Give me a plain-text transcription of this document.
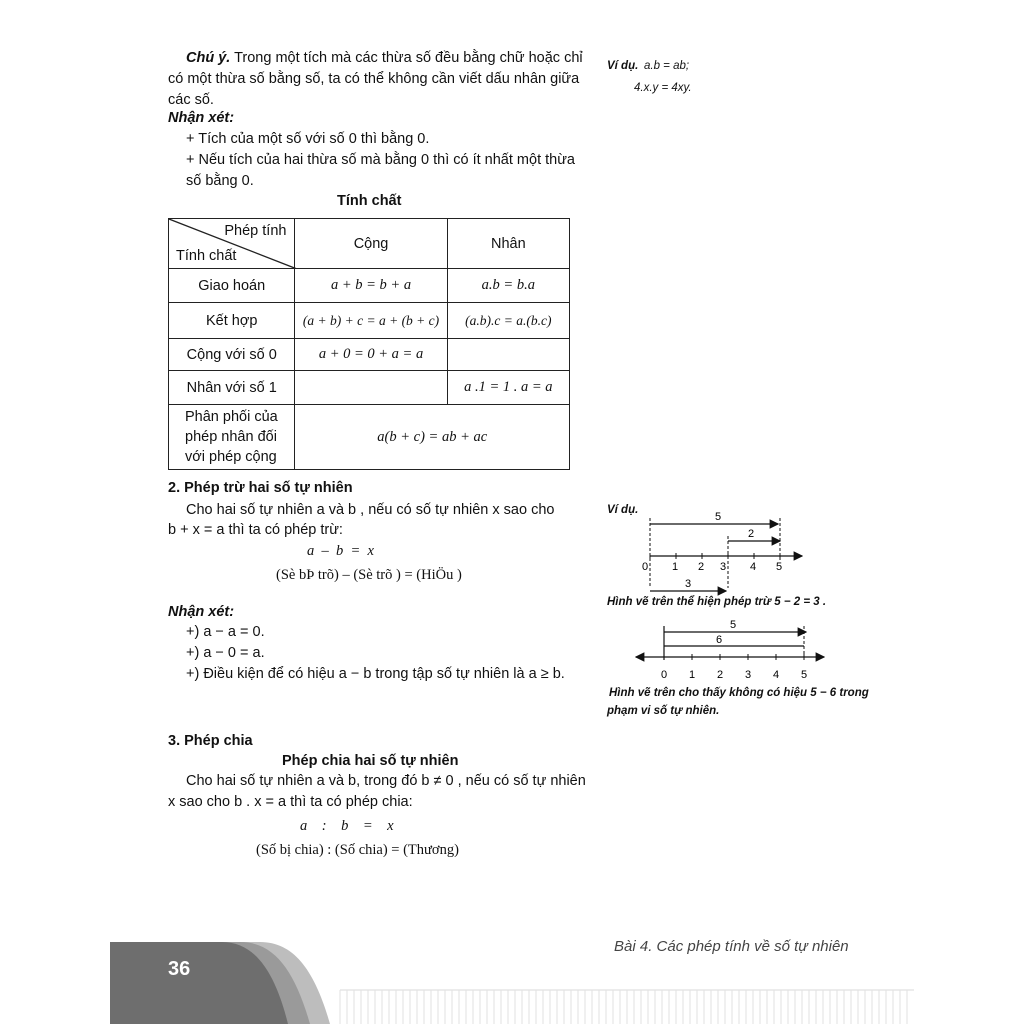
Chú ý. Trong một tích mà các thừa số đều bằng chữ hoặc chỉ
có một thừa số bằng số, ta có thể không cần viết dấu nhân giữa
các số.
Nhận xét:
+ Tích của một số với số 0 thì bằng 0.
+ Nếu tích của hai thừa số mà bằng 0 thì có ít nhất một thừa
số bằng 0.
Tính chất
Phép tính
Tính chất	Cộng	Nhân
Giao hoán	a + b = b + a	a.b = b.a
Kết hợp	(a + b) + c = a + (b + c)	(a.b).c = a.(b.c)
Cộng với số 0	a + 0 = 0 + a = a	
Nhân với số 1		a .1 = 1 . a = a

Phân phối của
phép nhân đối
với phép cộng	a(b + c) = ab + ac	
2. Phép trừ hai số tự nhiên
Cho hai số tự nhiên a và b , nếu có số tự nhiên x sao cho
b + x = a thì ta có phép trừ:
a  –  b  =  x
(Sè bÞ trõ) – (Sè trõ ) = (HiÖu )
Nhận xét:
+) a − a = 0.
+) a − 0 = a.
+) Điều kiện để có hiệu a − b trong tập số tự nhiên là a ≥ b.
3. Phép chia
Phép chia hai số tự nhiên
Cho hai số tự nhiên a và b, trong đó b ≠ 0 , nếu có số tự nhiên
x sao cho b . x = a thì ta có phép chia:
a    :    b    =    x
(Số bị chia) : (Số chia) = (Thương)
Ví dụ. a.b = ab;
4.x.y = 4xy.
Ví dụ.
5
2
0 1 2 3 4 5
3
Hình vẽ trên thể hiện phép trừ 5 − 2 = 3 .
5
6
0 1 2 3 4 5
Hình vẽ trên cho thấy không có hiệu 5 − 6 trong
phạm vi số tự nhiên.
Bài 4. Các phép tính về số tự nhiên
36
